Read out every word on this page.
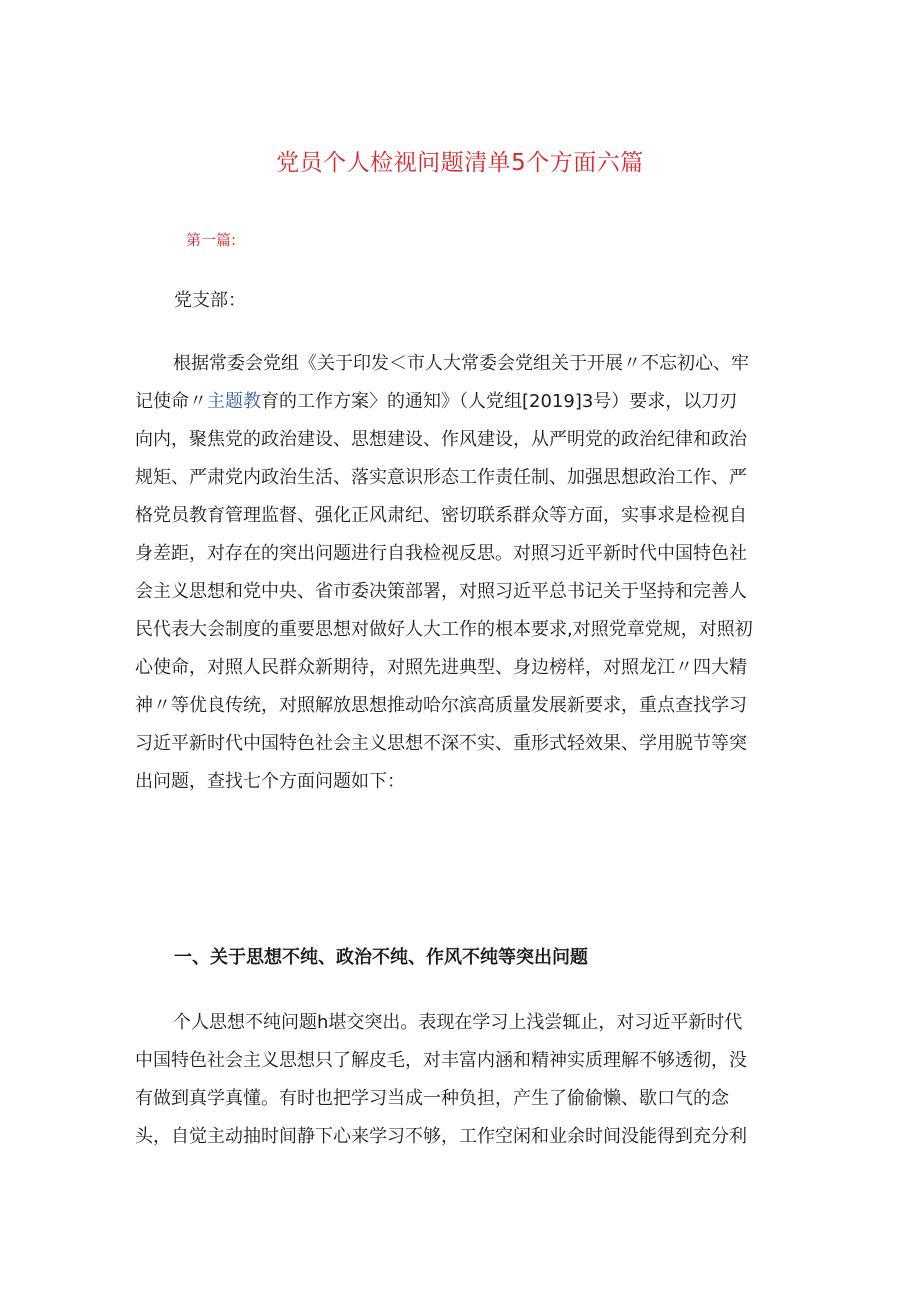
党员个人检视问题清单5个方面六篇
第一篇:
党支部：
根据常委会党组《关于印发＜市人大常委会党组关于开展〃不忘初心、牢
记使命〃主题教育的工作方案〉的通知》（人党组[2019]3号）要求，以刀刃
向内，聚焦党的政治建设、思想建设、作风建设，从严明党的政治纪律和政治
规矩、严肃党内政治生活、落实意识形态工作责任制、加强思想政治工作、严
格党员教育管理监督、强化正风肃纪、密切联系群众等方面，实事求是检视自
身差距，对存在的突出问题进行自我检视反思。对照习近平新时代中国特色社
会主义思想和党中央、省市委决策部署，对照习近平总书记关于坚持和完善人
民代表大会制度的重要思想对做好人大工作的根本要求,对照党章党规，对照初
心使命，对照人民群众新期待，对照先进典型、身边榜样，对照龙江〃四大精
神〃等优良传统，对照解放思想推动哈尔滨高质量发展新要求，重点查找学习
习近平新时代中国特色社会主义思想不深不实、重形式轻效果、学用脱节等突
出问题，查找七个方面问题如下：
一、关于思想不纯、政治不纯、作风不纯等突出问题
个人思想不纯问题h堪交突出。表现在学习上浅尝辄止，对习近平新时代
中国特色社会主义思想只了解皮毛，对丰富内涵和精神实质理解不够透彻，没
有做到真学真懂。有时也把学习当成一种负担，产生了偷偷懒、歇口气的念
头，自觉主动抽时间静下心来学习不够，工作空闲和业余时间没能得到充分利
